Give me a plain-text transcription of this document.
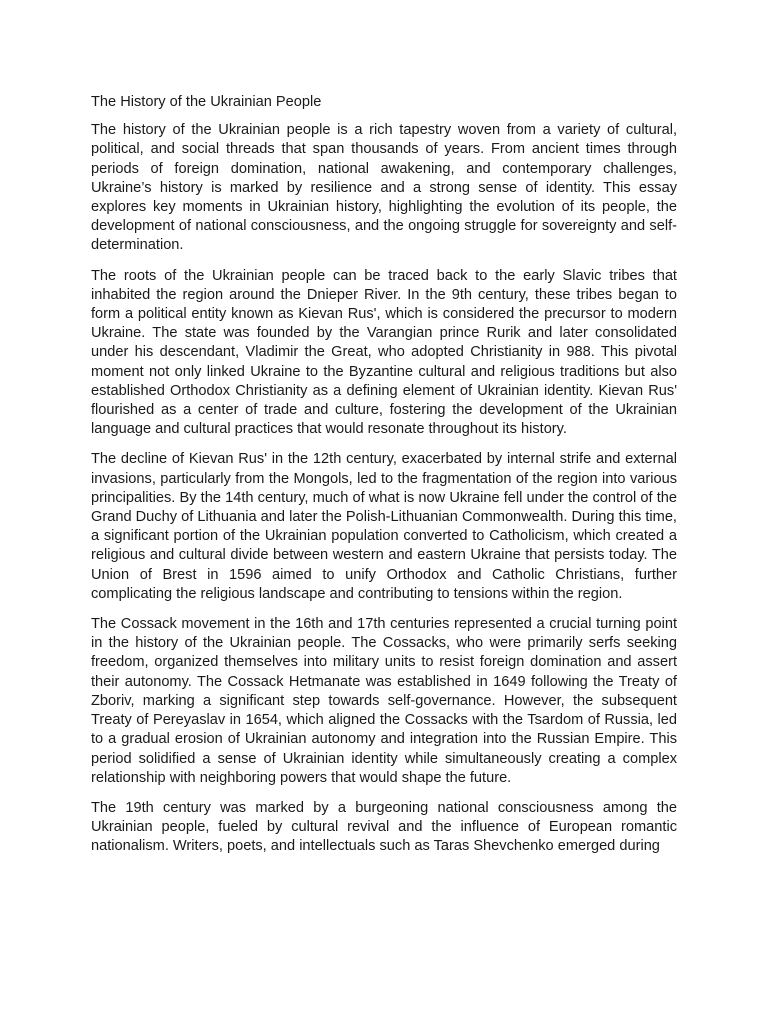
The History of the Ukrainian People

The history of the Ukrainian people is a rich tapestry woven from a variety of cultural, political, and social threads that span thousands of years. From ancient times through periods of foreign domination, national awakening, and contemporary challenges, Ukraine’s history is marked by resilience and a strong sense of identity. This essay explores key moments in Ukrainian history, highlighting the evolution of its people, the development of national consciousness, and the ongoing struggle for sovereignty and self-determination.

The roots of the Ukrainian people can be traced back to the early Slavic tribes that inhabited the region around the Dnieper River. In the 9th century, these tribes began to form a political entity known as Kievan Rus', which is considered the precursor to modern Ukraine. The state was founded by the Varangian prince Rurik and later consolidated under his descendant, Vladimir the Great, who adopted Christianity in 988. This pivotal moment not only linked Ukraine to the Byzantine cultural and religious traditions but also established Orthodox Christianity as a defining element of Ukrainian identity. Kievan Rus' flourished as a center of trade and culture, fostering the development of the Ukrainian language and cultural practices that would resonate throughout its history.

The decline of Kievan Rus' in the 12th century, exacerbated by internal strife and external invasions, particularly from the Mongols, led to the fragmentation of the region into various principalities. By the 14th century, much of what is now Ukraine fell under the control of the Grand Duchy of Lithuania and later the Polish-Lithuanian Commonwealth. During this time, a significant portion of the Ukrainian population converted to Catholicism, which created a religious and cultural divide between western and eastern Ukraine that persists today. The Union of Brest in 1596 aimed to unify Orthodox and Catholic Christians, further complicating the religious landscape and contributing to tensions within the region.

The Cossack movement in the 16th and 17th centuries represented a crucial turning point in the history of the Ukrainian people. The Cossacks, who were primarily serfs seeking freedom, organized themselves into military units to resist foreign domination and assert their autonomy. The Cossack Hetmanate was established in 1649 following the Treaty of Zboriv, marking a significant step towards self-governance. However, the subsequent Treaty of Pereyaslav in 1654, which aligned the Cossacks with the Tsardom of Russia, led to a gradual erosion of Ukrainian autonomy and integration into the Russian Empire. This period solidified a sense of Ukrainian identity while simultaneously creating a complex relationship with neighboring powers that would shape the future.

The 19th century was marked by a burgeoning national consciousness among the Ukrainian people, fueled by cultural revival and the influence of European romantic nationalism. Writers, poets, and intellectuals such as Taras Shevchenko emerged during
